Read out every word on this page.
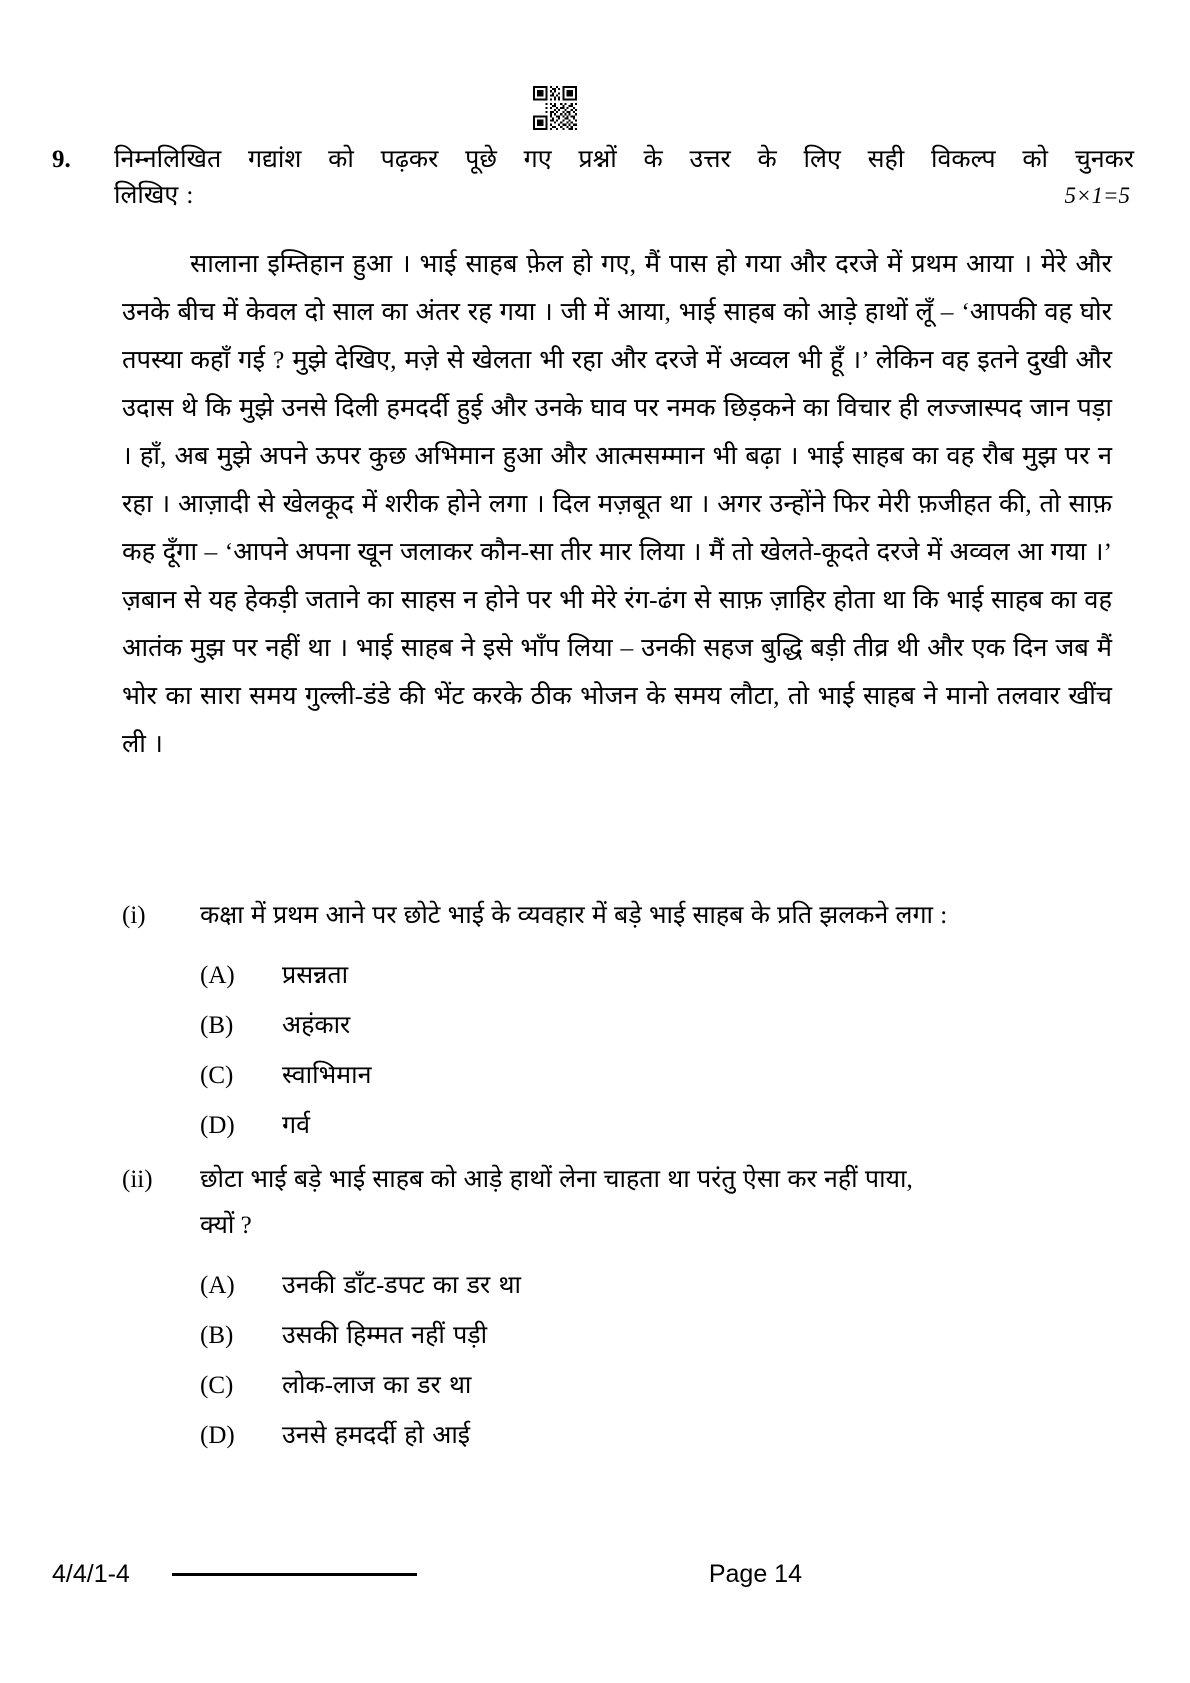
9.	निम्नलिखित गद्यांश को पढ़कर पूछे गए प्रश्नों के उत्तर के लिए सही विकल्प को चुनकर
लिखिए :	5×1=5

सालाना इम्तिहान हुआ । भाई साहब फ़ेल हो गए, मैं पास हो गया और दरजे में प्रथम आया । मेरे और उनके बीच में केवल दो साल का अंतर रह गया । जी में आया, भाई साहब को आड़े हाथों लूँ – ‘आपकी वह घोर तपस्या कहाँ गई ? मुझे देखिए, मज़े से खेलता भी रहा और दरजे में अव्वल भी हूँ ।’ लेकिन वह इतने दुखी और उदास थे कि मुझे उनसे दिली हमदर्दी हुई और उनके घाव पर नमक छिड़कने का विचार ही लज्जास्पद जान पड़ा । हाँ, अब मुझे अपने ऊपर कुछ अभिमान हुआ और आत्मसम्मान भी बढ़ा । भाई साहब का वह रौब मुझ पर न रहा । आज़ादी से खेलकूद में शरीक होने लगा । दिल मज़बूत था । अगर उन्होंने फिर मेरी फ़जीहत की, तो साफ़ कह दूँगा – ‘आपने अपना खून जलाकर कौन-सा तीर मार लिया । मैं तो खेलते-कूदते दरजे में अव्वल आ गया ।’ ज़बान से यह हेकड़ी जताने का साहस न होने पर भी मेरे रंग-ढंग से साफ़ ज़ाहिर होता था कि भाई साहब का वह आतंक मुझ पर नहीं था । भाई साहब ने इसे भाँप लिया – उनकी सहज बुद्धि बड़ी तीव्र थी और एक दिन जब मैं भोर का सारा समय गुल्ली-डंडे की भेंट करके ठीक भोजन के समय लौटा, तो भाई साहब ने मानो तलवार खींच ली ।

(i)	कक्षा में प्रथम आने पर छोटे भाई के व्यवहार में बड़े भाई साहब के प्रति झलकने लगा :
(A)	प्रसन्नता
(B)	अहंकार
(C)	स्वाभिमान
(D)	गर्व
(ii)	छोटा भाई बड़े भाई साहब को आड़े हाथों लेना चाहता था परंतु ऐसा कर नहीं पाया,
क्यों ?
(A)	उनकी डाँट-डपट का डर था
(B)	उसकी हिम्मत नहीं पड़ी
(C)	लोक-लाज का डर था
(D)	उनसे हमदर्दी हो आई
4/4/1-4	Page 14
